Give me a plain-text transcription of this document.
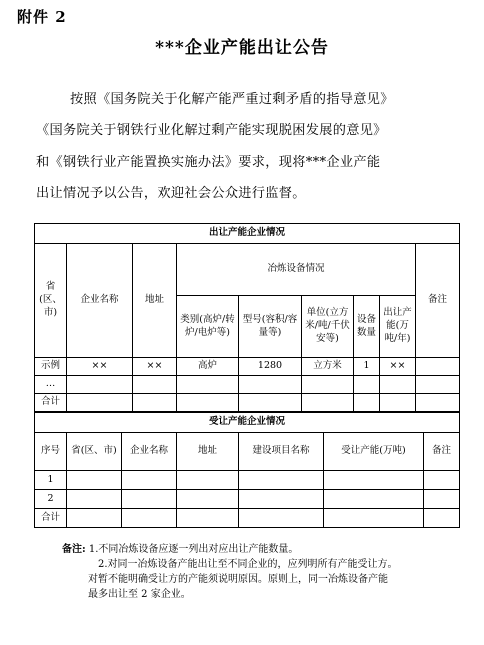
附件 2
***企业产能出让公告
按照《国务院关于化解产能严重过剩矛盾的指导意见》
《国务院关于钢铁行业化解过剩产能实现脱困发展的意见》
和《钢铁行业产能置换实施办法》要求，现将***企业产能
出让情况予以公告，欢迎社会公众进行监督。
出让产能企业情况								
省(区、市)	企业名称	地址	冶炼设备情况					备注
			类别(高炉/转炉/电炉等)	型号(容积/容量等)	单位(立方米/吨/千伏安等)	设备数量	出让产能(万吨/年)	
示例	××	××	高炉	1280	立方米	1	××	
…								
合计								
受让产能企业情况						
序号	省(区、市)	企业名称	地址	建设项目名称	受让产能(万吨)	备注
1						
2						
合计						
备注: 1.不同冶炼设备应逐一列出对应出让产能数量。
2.对同一冶炼设备产能出让至不同企业的，应列明所有产能受让方。
对暂不能明确受让方的产能须说明原因。原则上，同一冶炼设备产能
最多出让至 2 家企业。
